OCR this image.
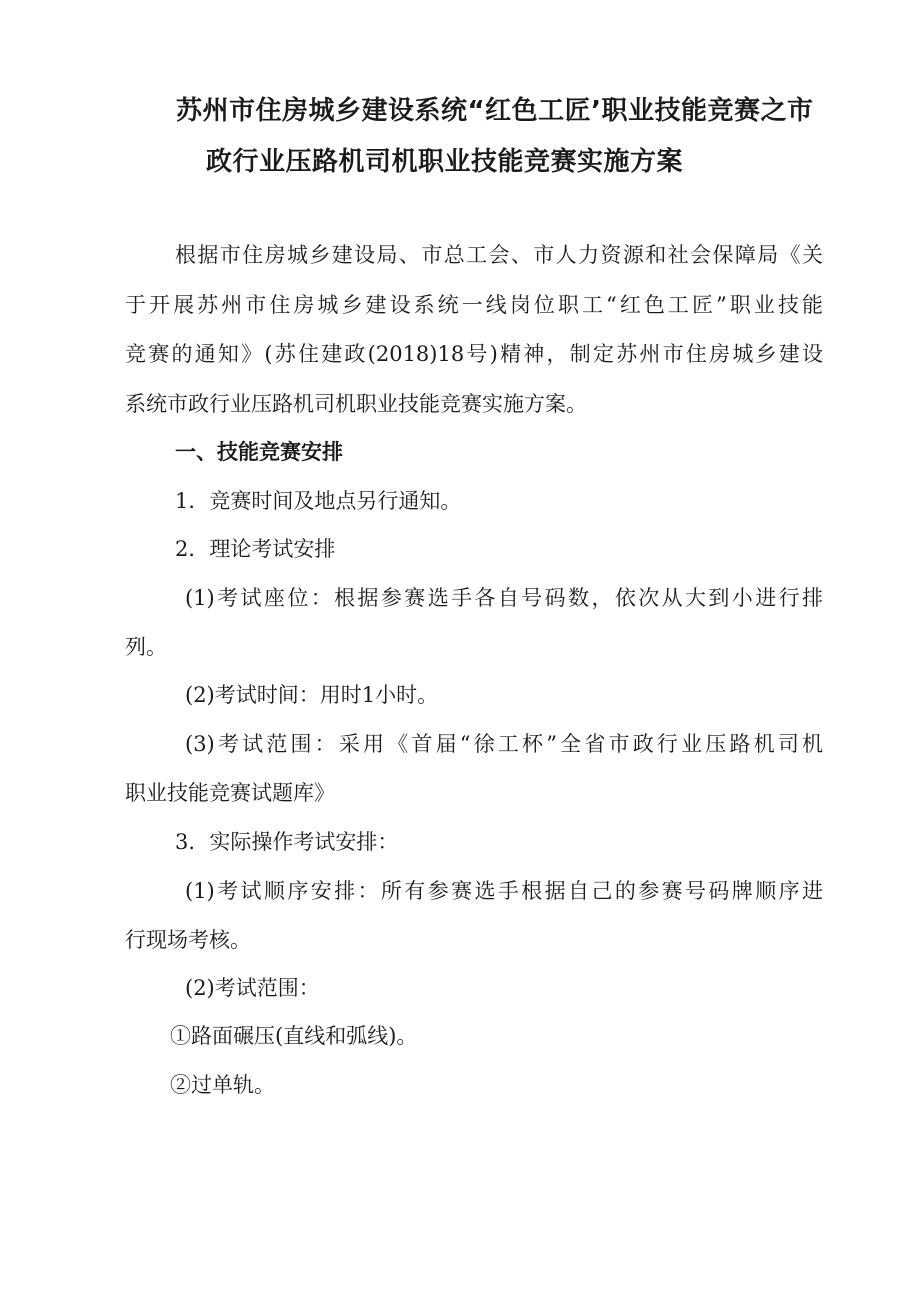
苏州市住房城乡建设系统“红色工匠’职业技能竞赛之市
政行业压路机司机职业技能竞赛实施方案
根据市住房城乡建设局、市总工会、市人力资源和社会保障局《关
于开展苏州市住房城乡建设系统一线岗位职工“红色工匠”职业技能
竞赛的通知》(苏住建政(2018)18号)精神，制定苏州市住房城乡建设
系统市政行业压路机司机职业技能竞赛实施方案。
一、技能竞赛安排
1．竞赛时间及地点另行通知。
2．理论考试安排
(1)考试座位：根据参赛选手各自号码数，依次从大到小进行排
列。
(2)考试时间：用时1小时。
(3)考试范围：采用《首届“徐工杯”全省市政行业压路机司机
职业技能竞赛试题库》
3．实际操作考试安排：
(1)考试顺序安排：所有参赛选手根据自己的参赛号码牌顺序进
行现场考核。
(2)考试范围：
①路面碾压(直线和弧线)。
②过单轨。
